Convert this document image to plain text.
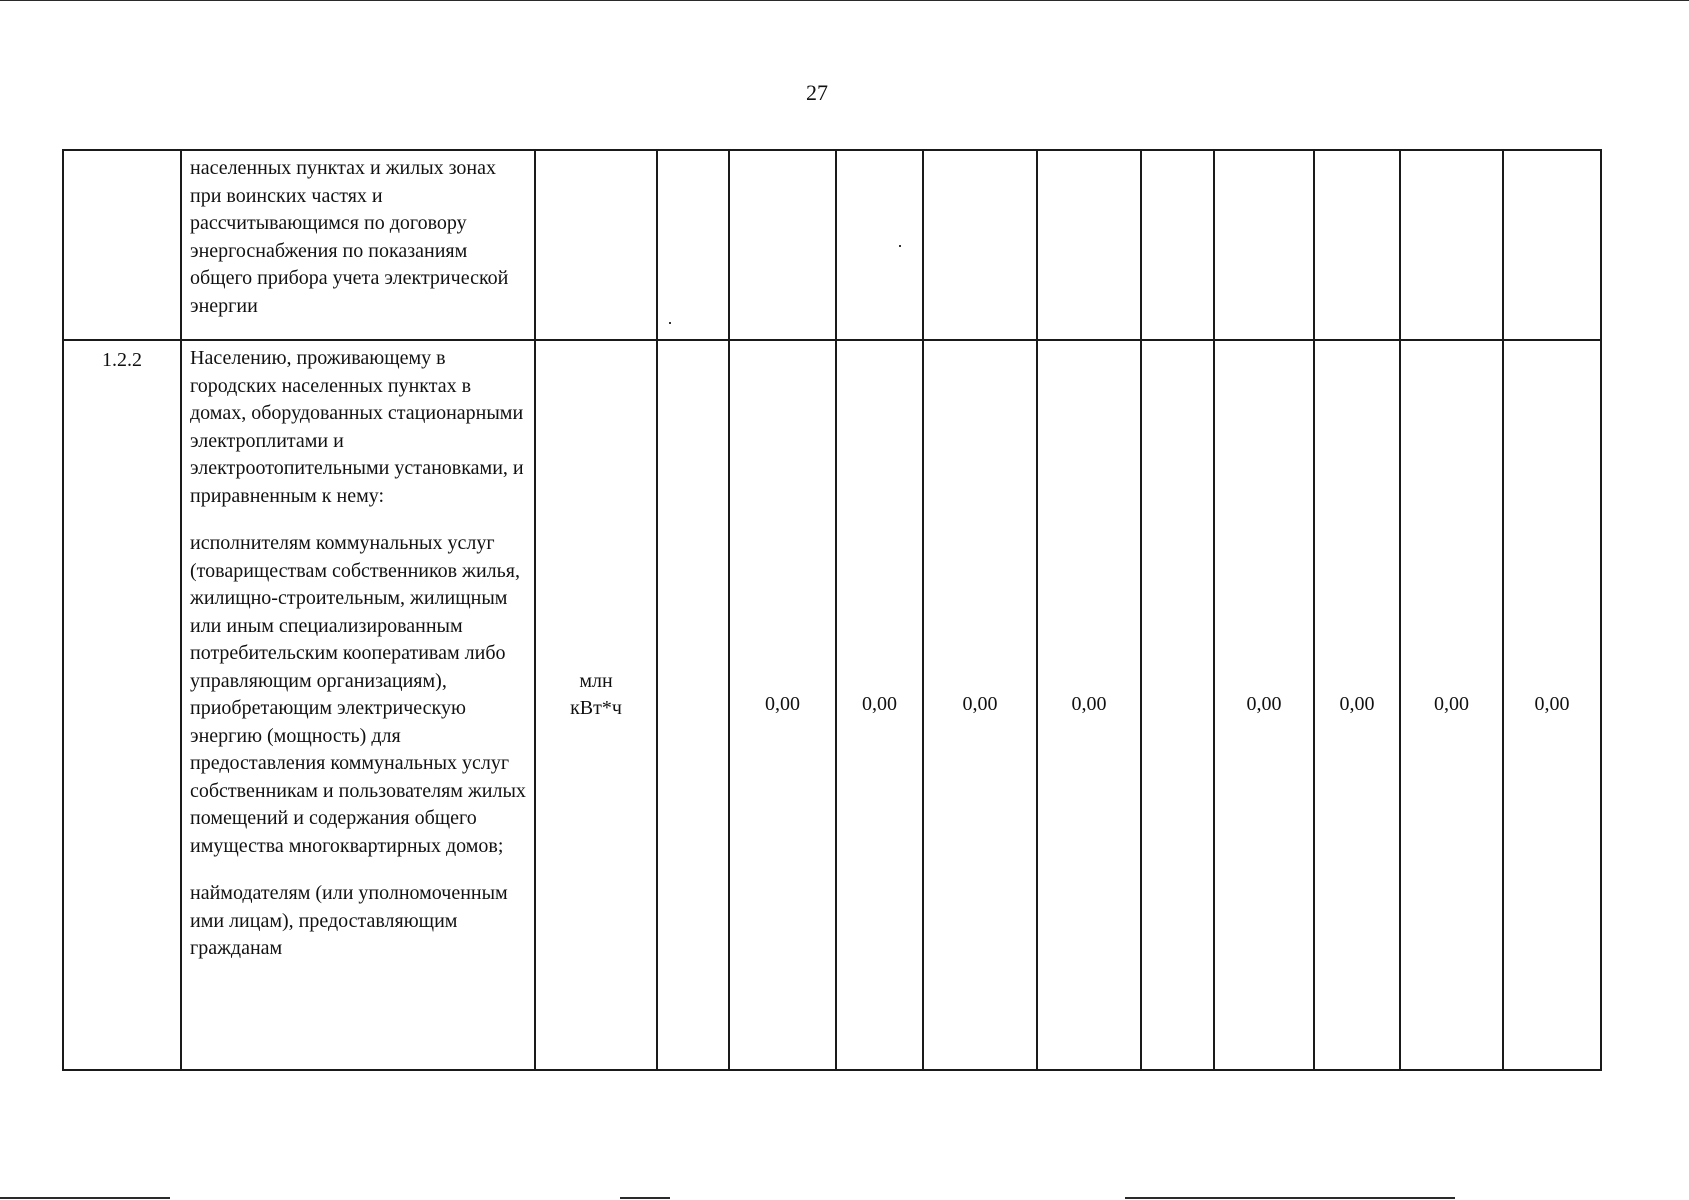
27

	населенных пунктах и жилых зонах при воинских частях и рассчитывающимся по договору энергоснабжения по показаниям общего прибора учета электрической энергии											

1.2.2	Населению, проживающему в городских населенных пунктах в домах, оборудованных стационарными электроплитами и электроотопительными установками, и приравненным к нему:

исполнителям коммунальных услуг (товариществам собственников жилья, жилищно-строительным, жилищным или иным специализированным потребительским кооперативам либо управляющим организациям), приобретающим электрическую энергию (мощность) для предоставления коммунальных услуг собственникам и пользователям жилых помещений и содержания общего имущества многоквартирных домов;

наймодателям (или уполномоченным ими лицам), предоставляющим гражданам	млн кВт*ч		0,00	0,00	0,00	0,00		0,00	0,00	0,00	0,00
